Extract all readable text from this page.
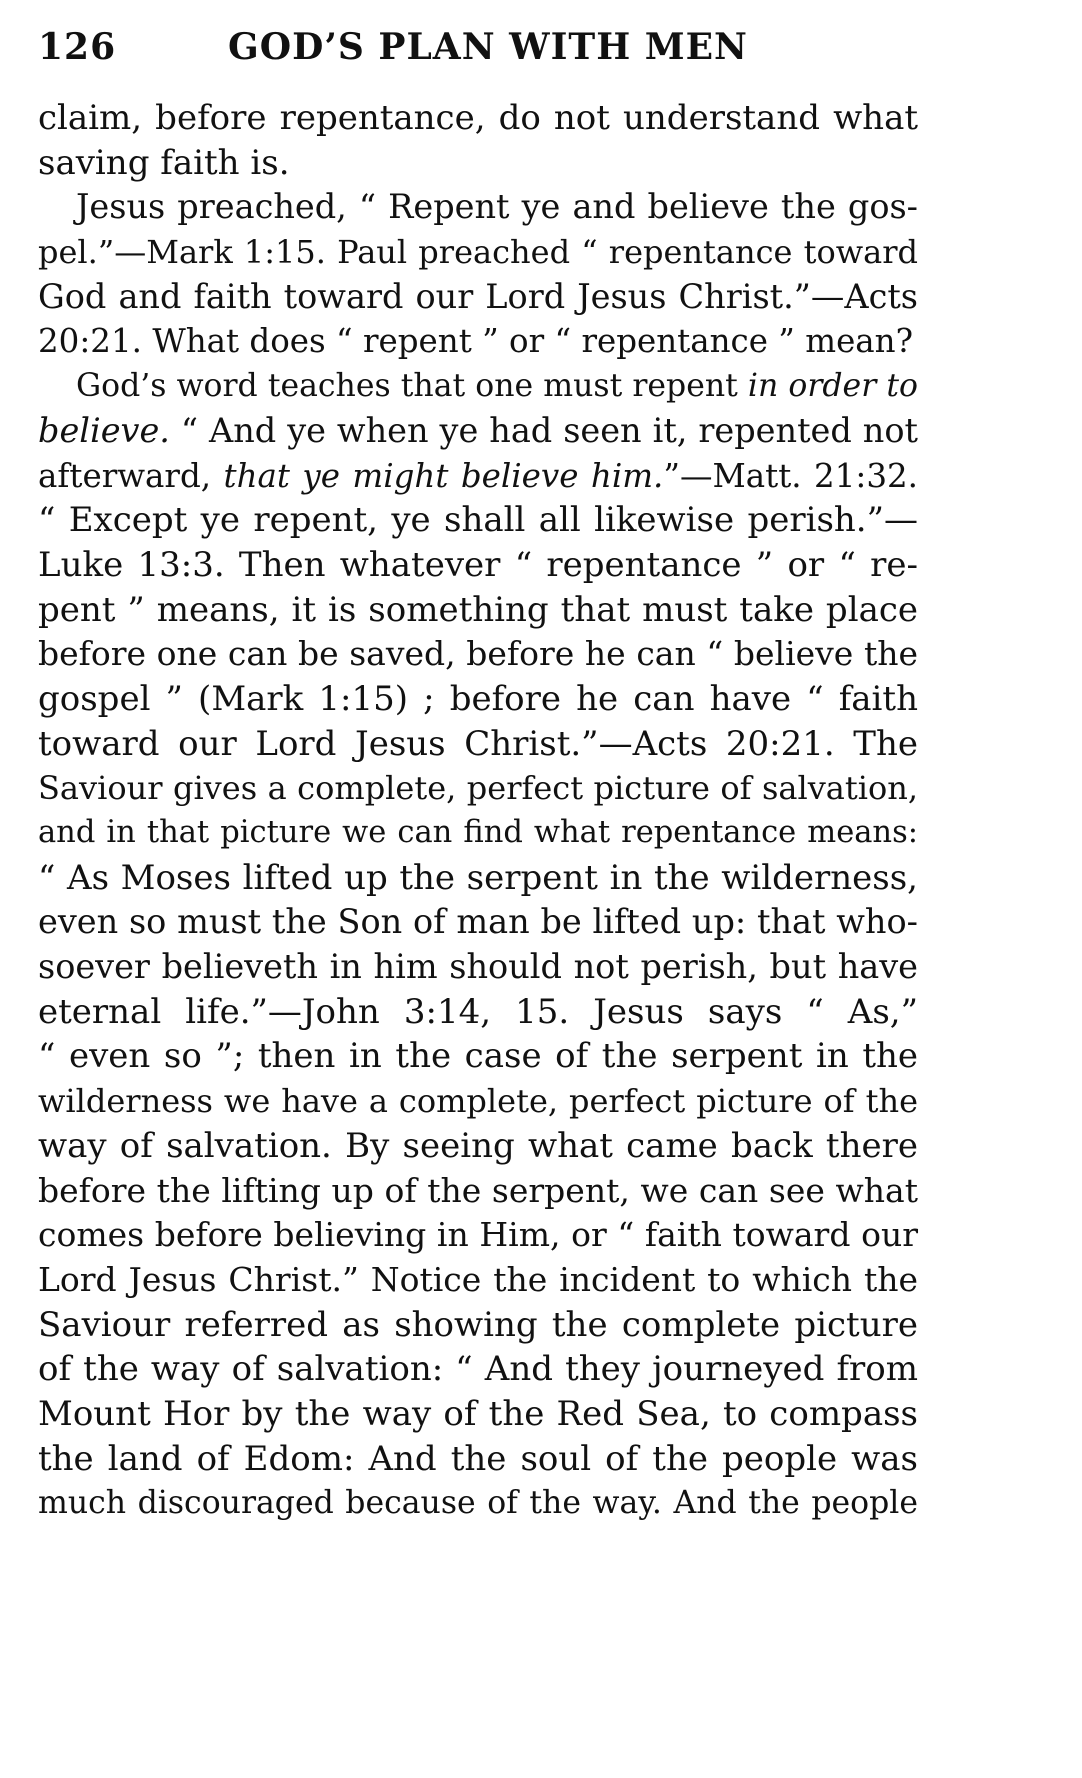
126	GOD’S PLAN WITH MEN
claim, before repentance, do not understand what
saving faith is.
Jesus preached, “ Repent ye and believe the gos-
pel.”—Mark 1:15. Paul preached “ repentance toward
God and faith toward our Lord Jesus Christ.”—Acts
20:21. What does “ repent ” or “ repentance ” mean?
God’s word teaches that one must repent in order to
believe. “ And ye when ye had seen it, repented not
afterward, that ye might believe him.”—Matt. 21:32.
“ Except ye repent, ye shall all likewise perish.”—
Luke 13:3. Then whatever “ repentance ” or “ re-
pent ” means, it is something that must take place
before one can be saved, before he can “ believe the
gospel ” (Mark 1:15) ; before he can have “ faith
toward our Lord Jesus Christ.”—Acts 20:21. The
Saviour gives a complete, perfect picture of salvation,
and in that picture we can find what repentance means:
“ As Moses lifted up the serpent in the wilderness,
even so must the Son of man be lifted up: that who-
soever believeth in him should not perish, but have
eternal life.”—John 3:14, 15. Jesus says “ As,”
“ even so ”; then in the case of the serpent in the
wilderness we have a complete, perfect picture of the
way of salvation. By seeing what came back there
before the lifting up of the serpent, we can see what
comes before believing in Him, or “ faith toward our
Lord Jesus Christ.” Notice the incident to which the
Saviour referred as showing the complete picture
of the way of salvation: “ And they journeyed from
Mount Hor by the way of the Red Sea, to compass
the land of Edom: And the soul of the people was
much discouraged because of the way. And the people
